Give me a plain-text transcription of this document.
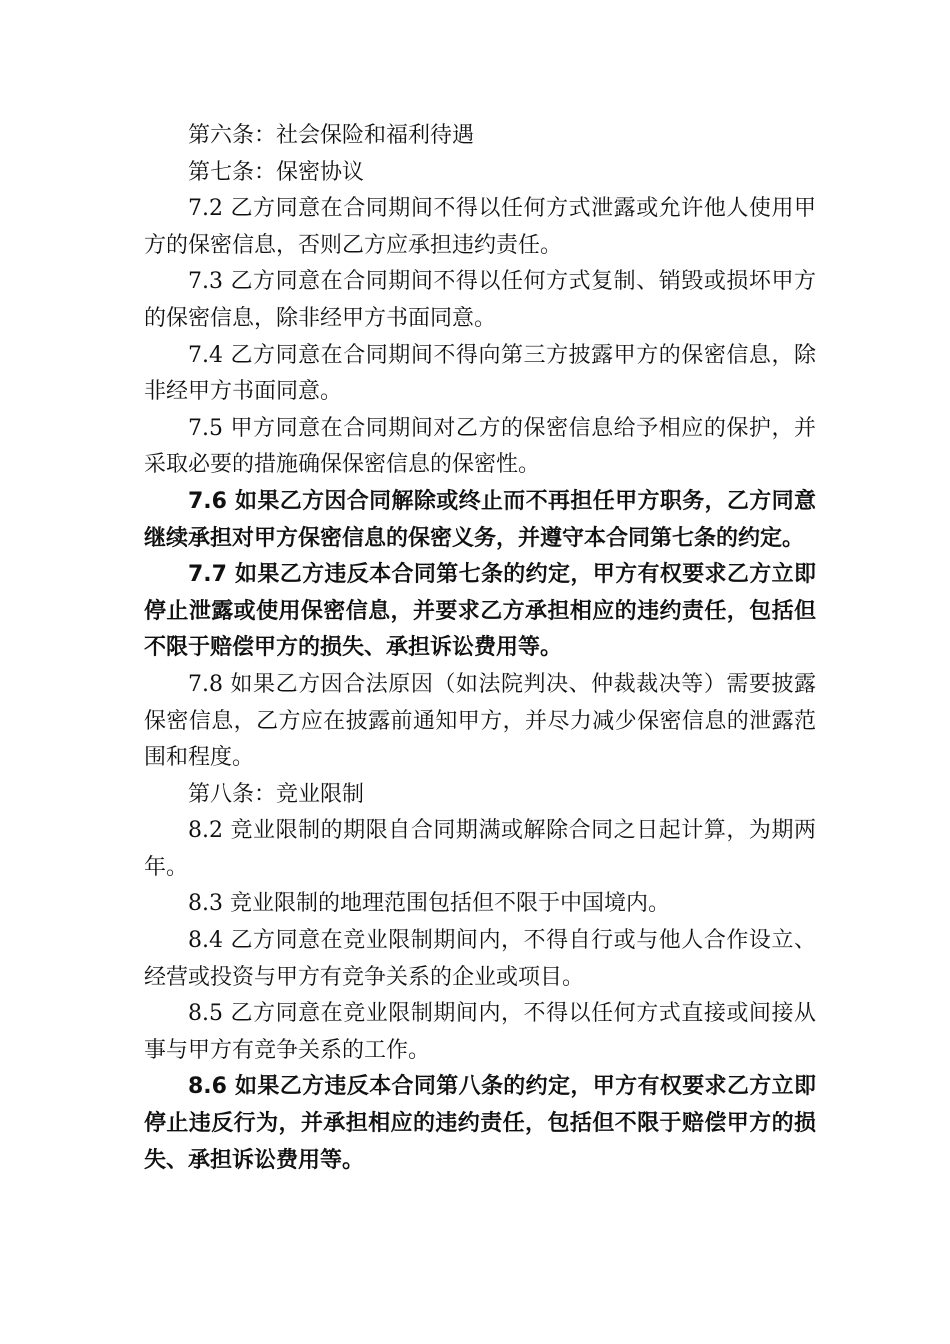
第六条：社会保险和福利待遇

第七条：保密协议

7.2 乙方同意在合同期间不得以任何方式泄露或允许他人使用甲方的保密信息，否则乙方应承担违约责任。

7.3 乙方同意在合同期间不得以任何方式复制、销毁或损坏甲方的保密信息，除非经甲方书面同意。

7.4 乙方同意在合同期间不得向第三方披露甲方的保密信息，除非经甲方书面同意。

7.5 甲方同意在合同期间对乙方的保密信息给予相应的保护，并采取必要的措施确保保密信息的保密性。

7.6 如果乙方因合同解除或终止而不再担任甲方职务，乙方同意继续承担对甲方保密信息的保密义务，并遵守本合同第七条的约定。

7.7 如果乙方违反本合同第七条的约定，甲方有权要求乙方立即停止泄露或使用保密信息，并要求乙方承担相应的违约责任，包括但不限于赔偿甲方的损失、承担诉讼费用等。

7.8 如果乙方因合法原因（如法院判决、仲裁裁决等）需要披露保密信息，乙方应在披露前通知甲方，并尽力减少保密信息的泄露范围和程度。

第八条：竞业限制

8.2 竞业限制的期限自合同期满或解除合同之日起计算，为期两年。

8.3 竞业限制的地理范围包括但不限于中国境内。

8.4 乙方同意在竞业限制期间内，不得自行或与他人合作设立、经营或投资与甲方有竞争关系的企业或项目。

8.5 乙方同意在竞业限制期间内，不得以任何方式直接或间接从事与甲方有竞争关系的工作。

8.6 如果乙方违反本合同第八条的约定，甲方有权要求乙方立即停止违反行为，并承担相应的违约责任，包括但不限于赔偿甲方的损失、承担诉讼费用等。
